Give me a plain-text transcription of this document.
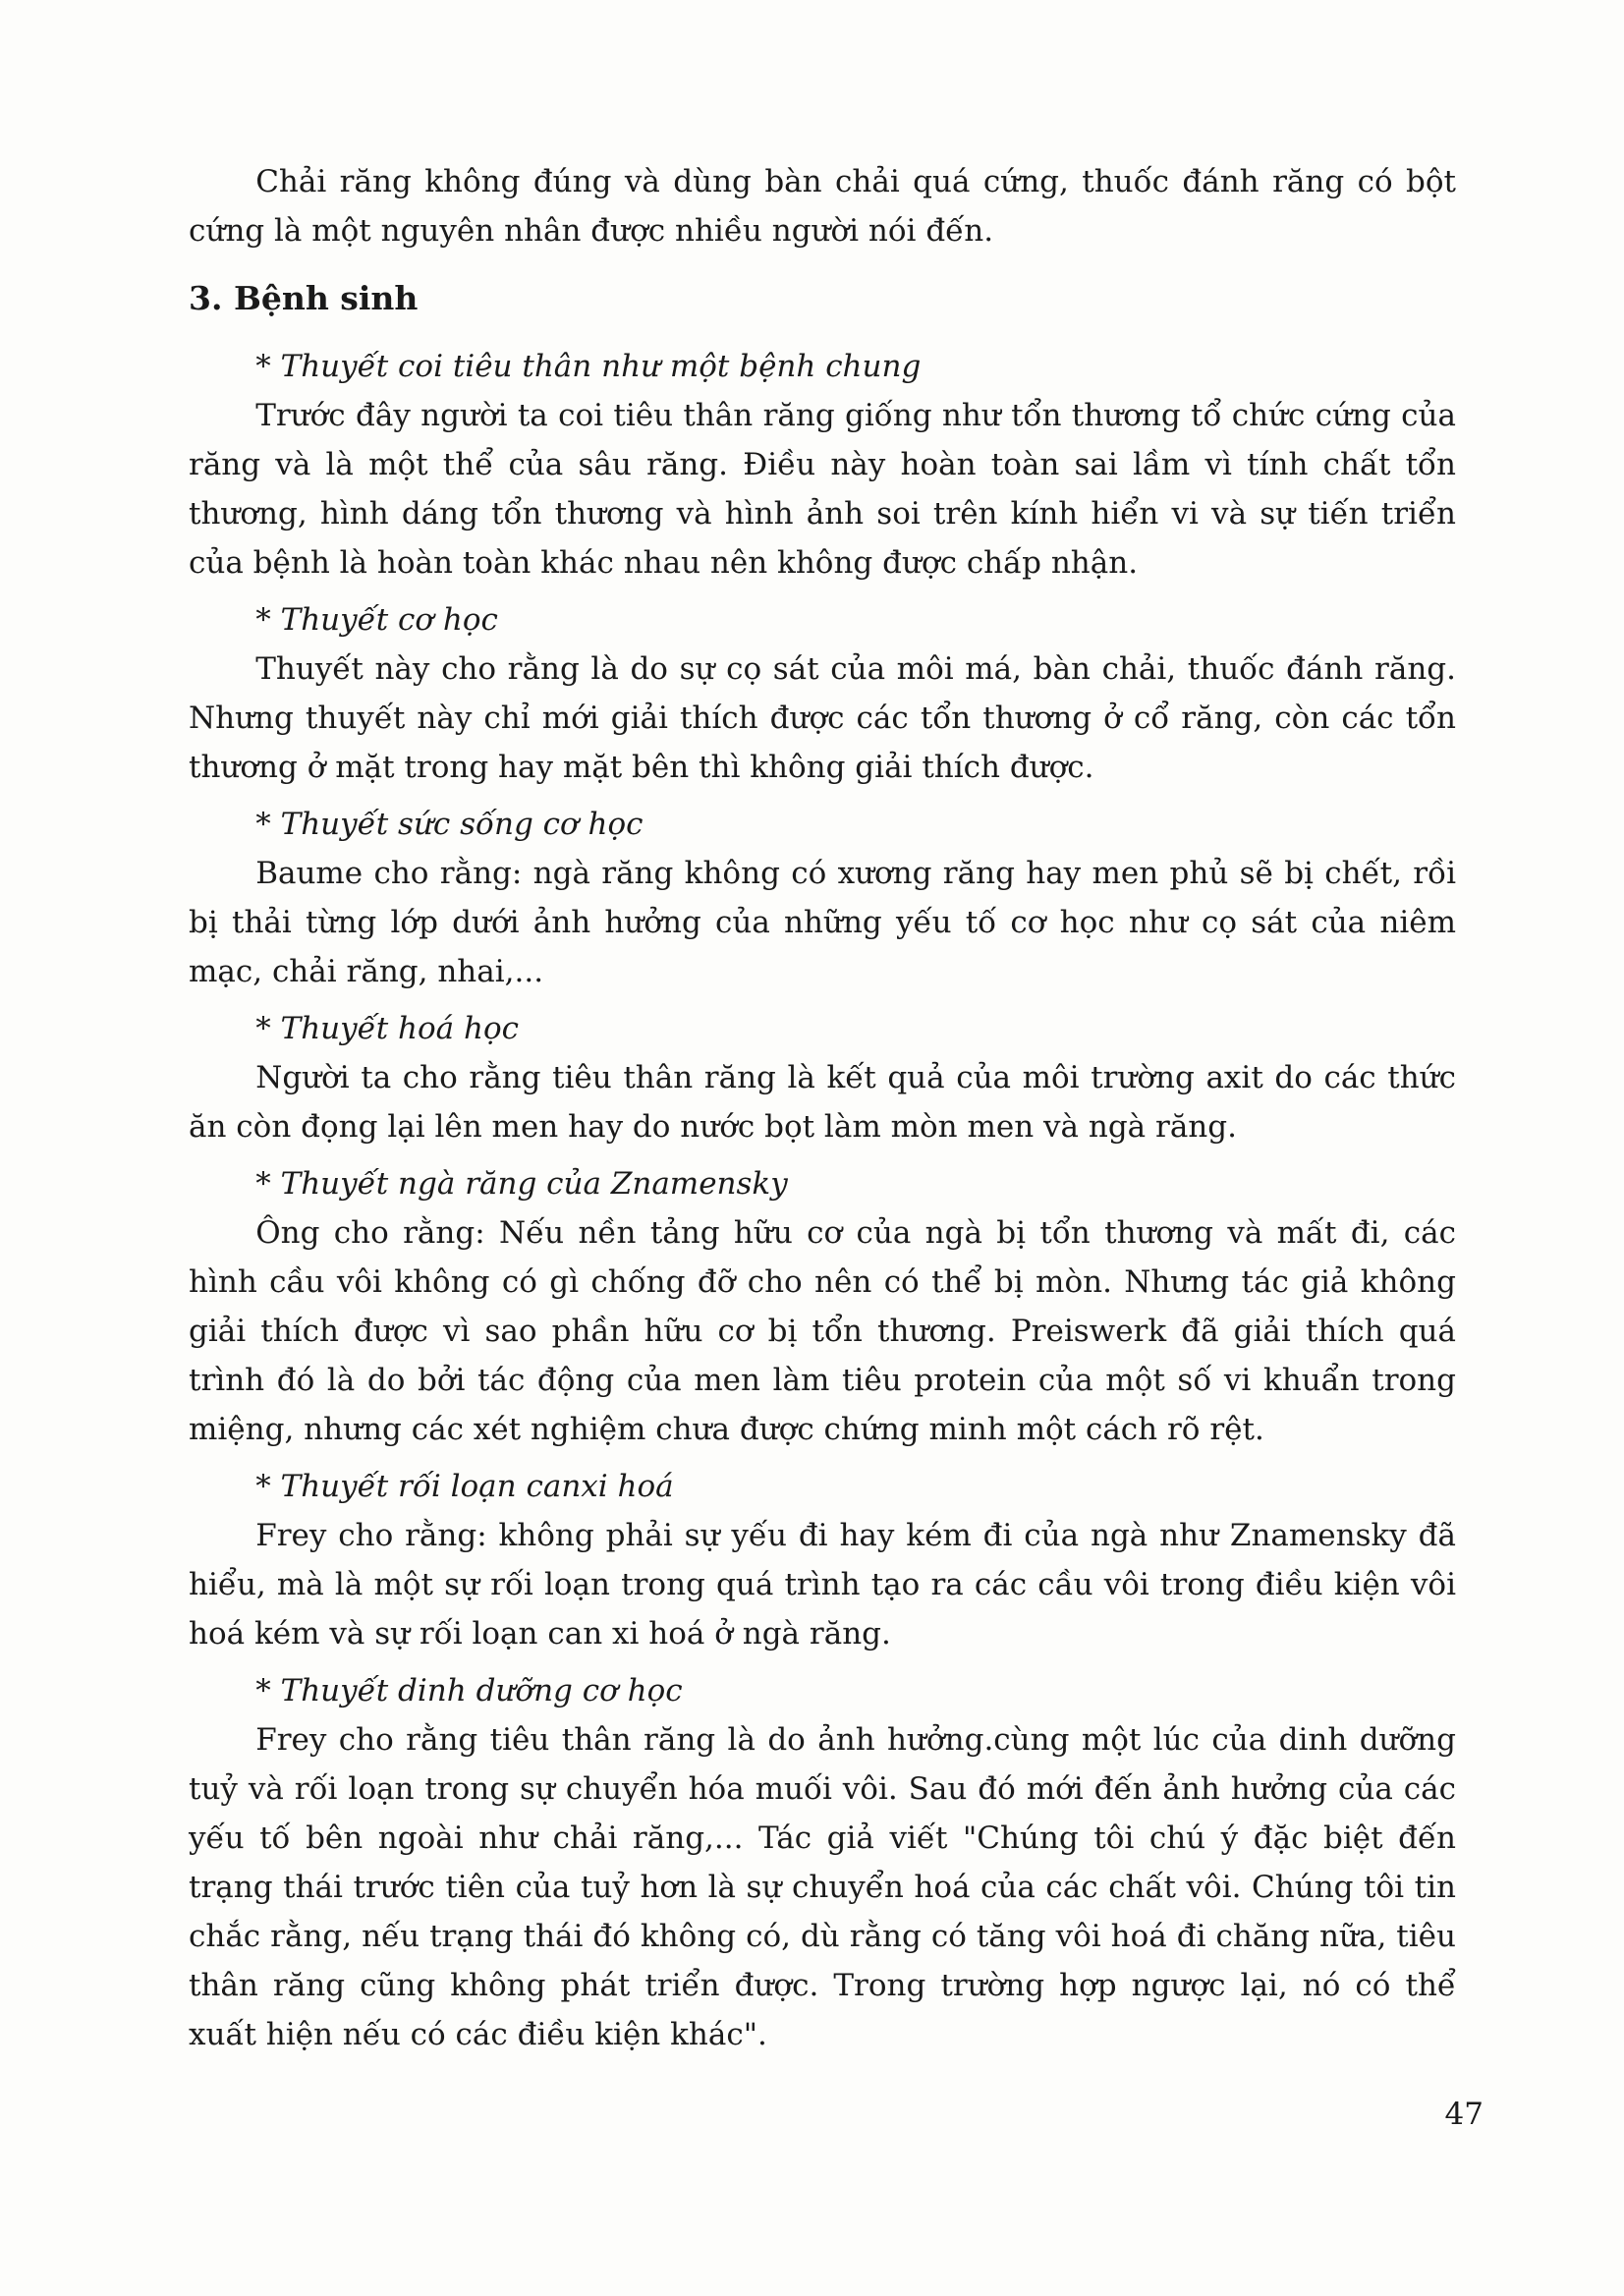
Chải răng không đúng và dùng bàn chải quá cứng, thuốc đánh răng có bột cứng là một nguyên nhân được nhiều người nói đến.

3. Bệnh sinh

* Thuyết coi tiêu thân như một bệnh chung

Trước đây người ta coi tiêu thân răng giống như tổn thương tổ chức cứng của răng và là một thể của sâu răng. Điều này hoàn toàn sai lầm vì tính chất tổn thương, hình dáng tổn thương và hình ảnh soi trên kính hiển vi và sự tiến triển của bệnh là hoàn toàn khác nhau nên không được chấp nhận.

* Thuyết cơ học

Thuyết này cho rằng là do sự cọ sát của môi má, bàn chải, thuốc đánh răng. Nhưng thuyết này chỉ mới giải thích được các tổn thương ở cổ răng, còn các tổn thương ở mặt trong hay mặt bên thì không giải thích được.

* Thuyết sức sống cơ học

Baume cho rằng: ngà răng không có xương răng hay men phủ sẽ bị chết, rồi bị thải từng lớp dưới ảnh hưởng của những yếu tố cơ học như cọ sát của niêm mạc, chải răng, nhai,...

* Thuyết hoá học

Người ta cho rằng tiêu thân răng là kết quả của môi trường axit do các thức ăn còn đọng lại lên men hay do nước bọt làm mòn men và ngà răng.

* Thuyết ngà răng của Znamensky

Ông cho rằng: Nếu nền tảng hữu cơ của ngà bị tổn thương và mất đi, các hình cầu vôi không có gì chống đỡ cho nên có thể bị mòn. Nhưng tác giả không giải thích được vì sao phần hữu cơ bị tổn thương. Preiswerk đã giải thích quá trình đó là do bởi tác động của men làm tiêu protein của một số vi khuẩn trong miệng, nhưng các xét nghiệm chưa được chứng minh một cách rõ rệt.

* Thuyết rối loạn canxi hoá

Frey cho rằng: không phải sự yếu đi hay kém đi của ngà như Znamensky đã hiểu, mà là một sự rối loạn trong quá trình tạo ra các cầu vôi trong điều kiện vôi hoá kém và sự rối loạn can xi hoá ở ngà răng.

* Thuyết dinh dưỡng cơ học

Frey cho rằng tiêu thân răng là do ảnh hưởng.cùng một lúc của dinh dưỡng tuỷ và rối loạn trong sự chuyển hóa muối vôi. Sau đó mới đến ảnh hưởng của các yếu tố bên ngoài như chải răng,... Tác giả viết "Chúng tôi chú ý đặc biệt đến trạng thái trước tiên của tuỷ hơn là sự chuyển hoá của các chất vôi. Chúng tôi tin chắc rằng, nếu trạng thái đó không có, dù rằng có tăng vôi hoá đi chăng nữa, tiêu thân răng cũng không phát triển được. Trong trường hợp ngược lại, nó có thể xuất hiện nếu có các điều kiện khác".

47
